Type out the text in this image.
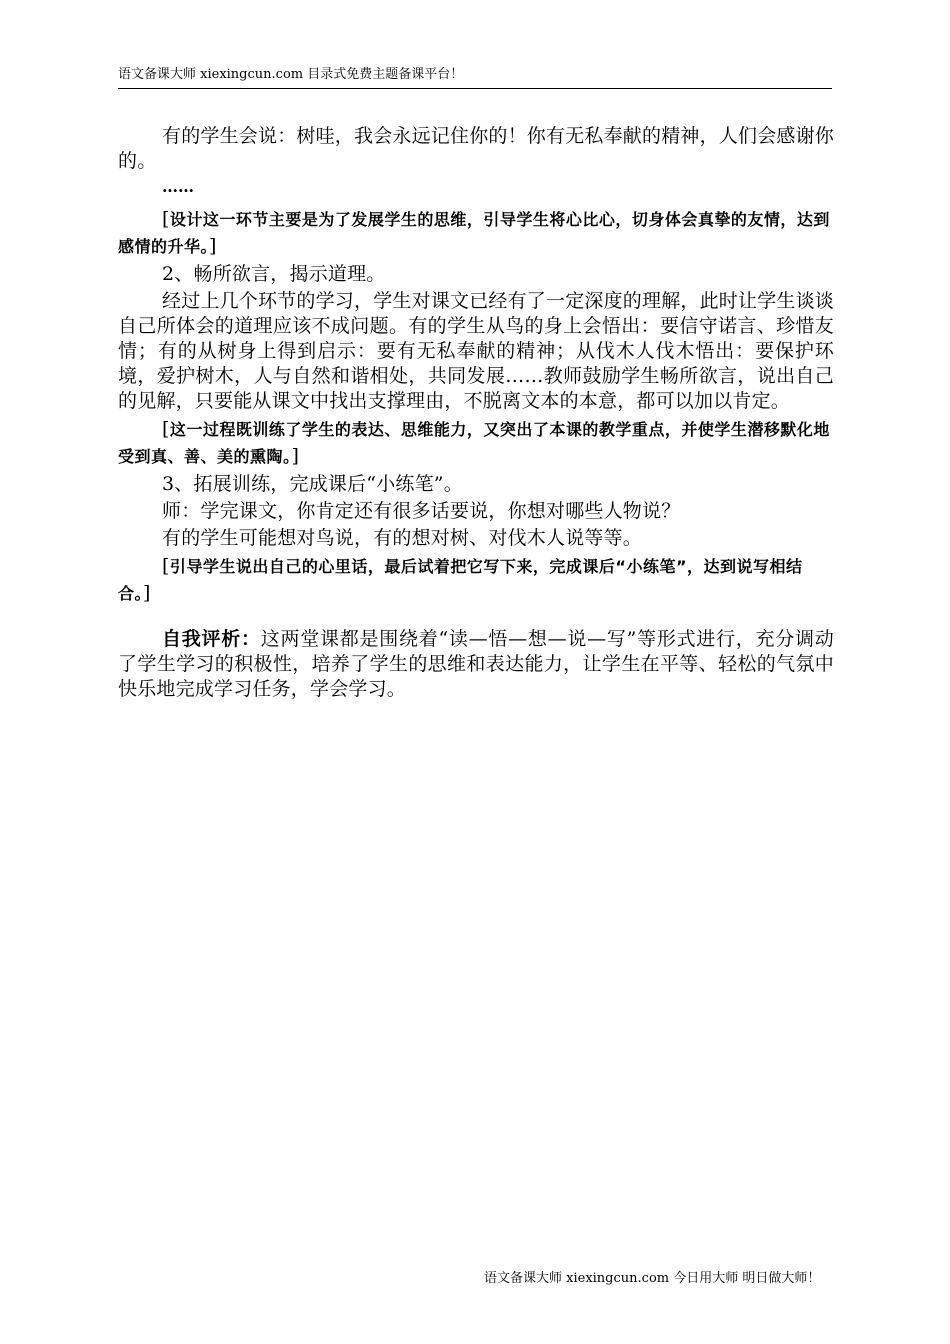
语文备课大师 xiexingcun.com 目录式免费主题备课平台！

有的学生会说：树哇，我会永远记住你的！你有无私奉献的精神，人们会感谢你的。

……

[设计这一环节主要是为了发展学生的思维，引导学生将心比心，切身体会真挚的友情，达到感情的升华。]

2、畅所欲言，揭示道理。

经过上几个环节的学习，学生对课文已经有了一定深度的理解，此时让学生谈谈自己所体会的道理应该不成问题。有的学生从鸟的身上会悟出：要信守诺言、珍惜友情；有的从树身上得到启示：要有无私奉献的精神；从伐木人伐木悟出：要保护环境，爱护树木，人与自然和谐相处，共同发展……教师鼓励学生畅所欲言，说出自己的见解，只要能从课文中找出支撑理由，不脱离文本的本意，都可以加以肯定。

[这一过程既训练了学生的表达、思维能力，又突出了本课的教学重点，并使学生潜移默化地受到真、善、美的熏陶。]

3、拓展训练，完成课后“小练笔”。

师：学完课文，你肯定还有很多话要说，你想对哪些人物说？

有的学生可能想对鸟说，有的想对树、对伐木人说等等。

[引导学生说出自己的心里话，最后试着把它写下来，完成课后“小练笔”，达到说写相结合。]

自我评析：这两堂课都是围绕着“读—悟—想—说—写”等形式进行，充分调动了学生学习的积极性，培养了学生的思维和表达能力，让学生在平等、轻松的气氛中快乐地完成学习任务，学会学习。

语文备课大师 xiexingcun.com 今日用大师 明日做大师！
